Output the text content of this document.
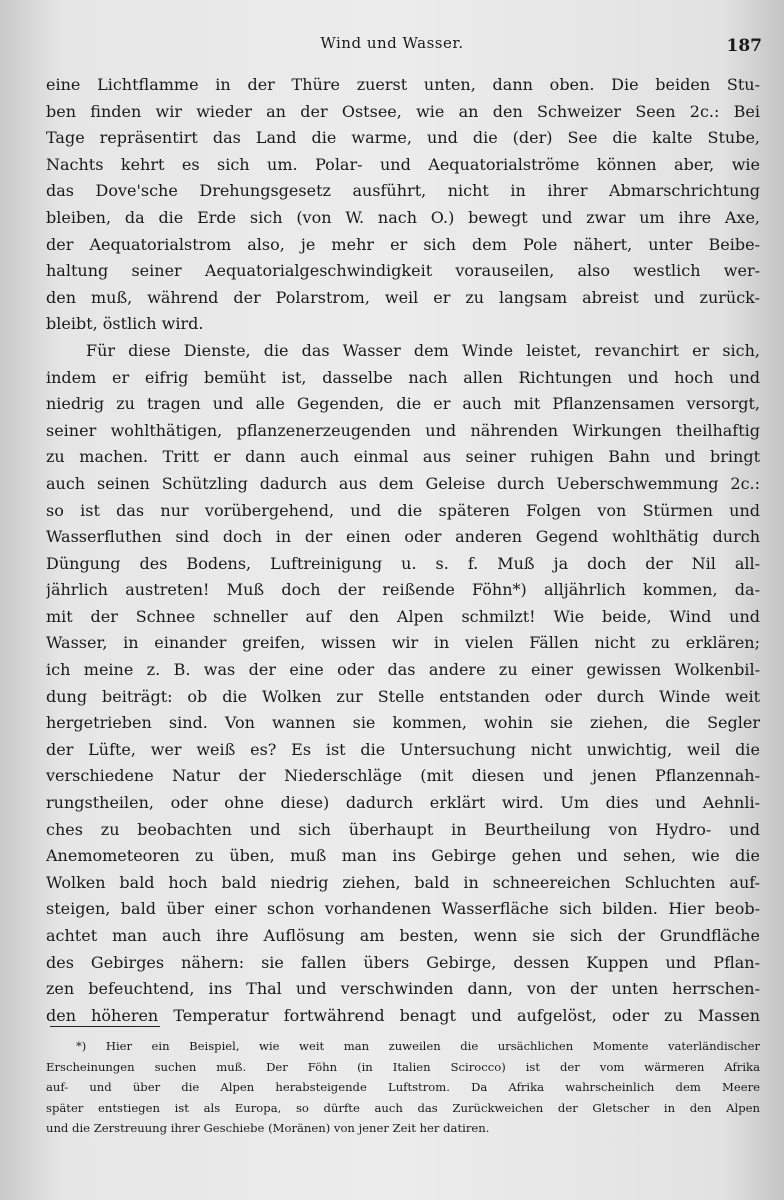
Wind und Wasser.	187
eine Lichtflamme in der Thüre zuerst unten, dann oben. Die beiden Stu-
ben finden wir wieder an der Ostsee, wie an den Schweizer Seen 2c.: Bei
Tage repräsentirt das Land die warme, und die (der) See die kalte Stube,
Nachts kehrt es sich um. Polar- und Aequatorialströme können aber, wie
das Dove'sche Drehungsgesetz ausführt, nicht in ihrer Abmarschrichtung
bleiben, da die Erde sich (von W. nach O.) bewegt und zwar um ihre Axe,
der Aequatorialstrom also, je mehr er sich dem Pole nähert, unter Beibe-
haltung seiner Aequatorialgeschwindigkeit vorauseilen, also westlich wer-
den muß, während der Polarstrom, weil er zu langsam abreist und zurück-
bleibt, östlich wird.
Für diese Dienste, die das Wasser dem Winde leistet, revanchirt er sich,
indem er eifrig bemüht ist, dasselbe nach allen Richtungen und hoch und
niedrig zu tragen und alle Gegenden, die er auch mit Pflanzensamen versorgt,
seiner wohlthätigen, pflanzenerzeugenden und nährenden Wirkungen theilhaftig
zu machen. Tritt er dann auch einmal aus seiner ruhigen Bahn und bringt
auch seinen Schützling dadurch aus dem Geleise durch Ueberschwemmung 2c.:
so ist das nur vorübergehend, und die späteren Folgen von Stürmen und
Wasserfluthen sind doch in der einen oder anderen Gegend wohlthätig durch
Düngung des Bodens, Luftreinigung u. s. f. Muß ja doch der Nil all-
jährlich austreten! Muß doch der reißende Föhn*) alljährlich kommen, da-
mit der Schnee schneller auf den Alpen schmilzt! Wie beide, Wind und
Wasser, in einander greifen, wissen wir in vielen Fällen nicht zu erklären;
ich meine z. B. was der eine oder das andere zu einer gewissen Wolkenbil-
dung beiträgt: ob die Wolken zur Stelle entstanden oder durch Winde weit
hergetrieben sind. Von wannen sie kommen, wohin sie ziehen, die Segler
der Lüfte, wer weiß es? Es ist die Untersuchung nicht unwichtig, weil die
verschiedene Natur der Niederschläge (mit diesen und jenen Pflanzennah-
rungstheilen, oder ohne diese) dadurch erklärt wird. Um dies und Aehnli-
ches zu beobachten und sich überhaupt in Beurtheilung von Hydro- und
Anemometeoren zu üben, muß man ins Gebirge gehen und sehen, wie die
Wolken bald hoch bald niedrig ziehen, bald in schneereichen Schluchten auf-
steigen, bald über einer schon vorhandenen Wasserfläche sich bilden. Hier beob-
achtet man auch ihre Auflösung am besten, wenn sie sich der Grundfläche
des Gebirges nähern: sie fallen übers Gebirge, dessen Kuppen und Pflan-
zen befeuchtend, ins Thal und verschwinden dann, von der unten herrschen-
den höheren Temperatur fortwährend benagt und aufgelöst, oder zu Massen
*) Hier ein Beispiel, wie weit man zuweilen die ursächlichen Momente vaterländischer
Erscheinungen suchen muß. Der Föhn (in Italien Scirocco) ist der vom wärmeren Afrika
auf- und über die Alpen herabsteigende Luftstrom. Da Afrika wahrscheinlich dem Meere
später entstiegen ist als Europa, so dürfte auch das Zurückweichen der Gletscher in den Alpen
und die Zerstreuung ihrer Geschiebe (Moränen) von jener Zeit her datiren.
